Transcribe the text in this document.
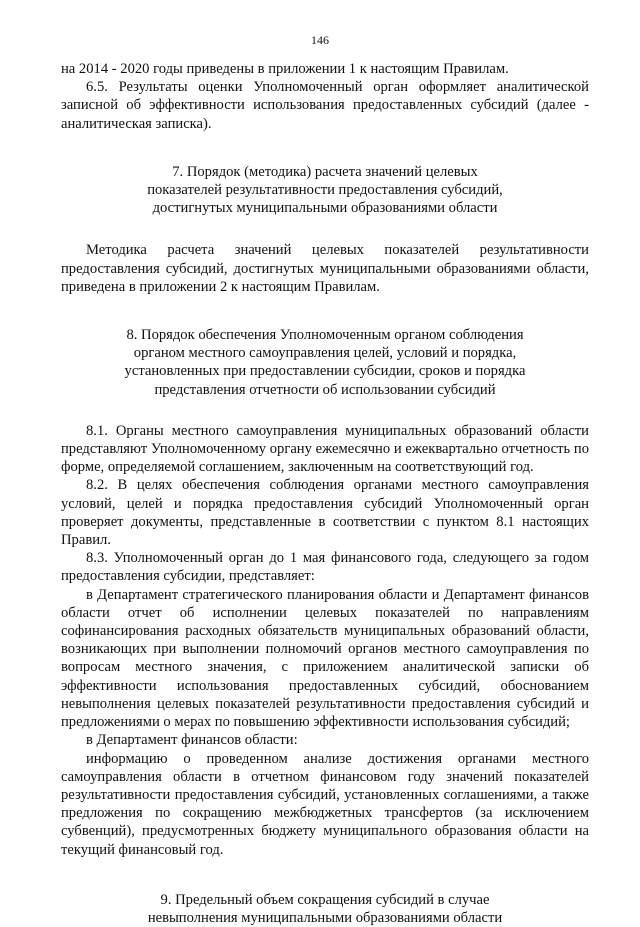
146

на 2014 - 2020 годы приведены в приложении 1 к настоящим Правилам.

6.5. Результаты оценки Уполномоченный орган оформляет аналитической записной об эффективности использования предоставленных субсидий (далее - аналитическая записка).

7. Порядок (методика) расчета значений целевых
показателей результативности предоставления субсидий,
достигнутых муниципальными образованиями области

Методика расчета значений целевых показателей результативности предоставления субсидий, достигнутых муниципальными образованиями области, приведена в приложении 2 к настоящим Правилам.

8. Порядок обеспечения Уполномоченным органом соблюдения
органом местного самоуправления целей, условий и порядка,
установленных при предоставлении субсидии, сроков и порядка
представления отчетности об использовании субсидий

8.1. Органы местного самоуправления муниципальных образований области представляют Уполномоченному органу ежемесячно и ежеквартально отчетность по форме, определяемой соглашением, заключенным на соответствующий год.

8.2. В целях обеспечения соблюдения органами местного самоуправления условий, целей и порядка предоставления субсидий Уполномоченный орган проверяет документы, представленные в соответствии с пунктом 8.1 настоящих Правил.

8.3. Уполномоченный орган до 1 мая финансового года, следующего за годом предоставления субсидии, представляет:

в Департамент стратегического планирования области и Департамент финансов области отчет об исполнении целевых показателей по направлениям софинансирования расходных обязательств муниципальных образований области, возникающих при выполнении полномочий органов местного самоуправления по вопросам местного значения, с приложением аналитической записки об эффективности использования предоставленных субсидий, обоснованием невыполнения целевых показателей результативности предоставления субсидий и предложениями о мерах по повышению эффективности использования субсидий;

в Департамент финансов области:

информацию о проведенном анализе достижения органами местного самоуправления области в отчетном финансовом году значений показателей результативности предоставления субсидий, установленных соглашениями, а также предложения по сокращению межбюджетных трансфертов (за исключением субвенций), предусмотренных бюджету муниципального образования области на текущий финансовый год.

9. Предельный объем сокращения субсидий в случае
невыполнения муниципальными образованиями области
